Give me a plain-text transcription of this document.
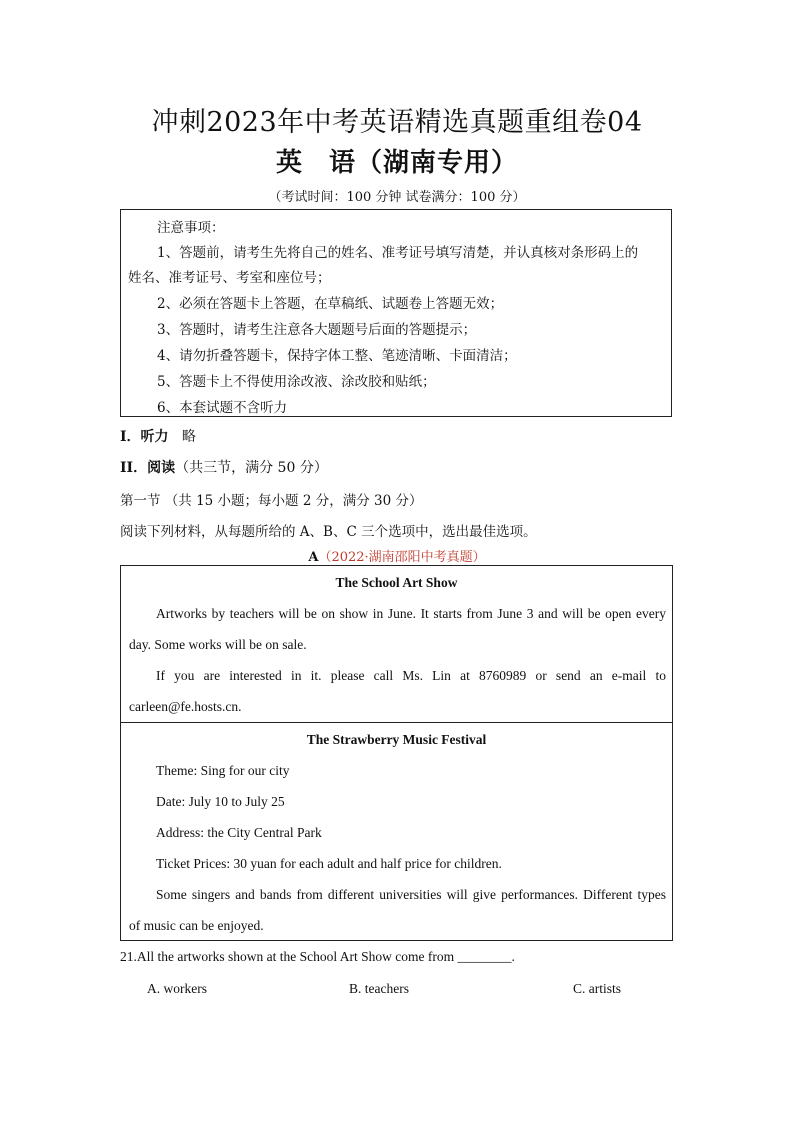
冲刺2023年中考英语精选真题重组卷04
英 语（湖南专用）
（考试时间：100 分钟 试卷满分：100 分）
注意事项：
1、答题前，请考生先将自己的姓名、准考证号填写清楚，并认真核对条形码上的
姓名、准考证号、考室和座位号；
2、必须在答题卡上答题，在草稿纸、试题卷上答题无效；
3、答题时，请考生注意各大题题号后面的答题提示；
4、请勿折叠答题卡，保持字体工整、笔迹清晰、卡面清洁；
5、答题卡上不得使用涂改液、涂改胶和贴纸；
6、本套试题不含听力
I．听力 略
II．阅读（共三节，满分 50 分）
第一节 （共 15 小题；每小题 2 分，满分 30 分）
阅读下列材料，从每题所给的 A、B、C 三个选项中，选出最佳选项。
A（2022·湖南邵阳中考真题）
The School Art Show
Artworks by teachers will be on show in June. It starts from June 3 and will be open every
day. Some works will be on sale.
If you are interested in it. please call Ms. Lin at 8760989 or send an e-mail to
carleen@fe.hosts.cn.
The Strawberry Music Festival
Theme: Sing for our city
Date: July 10 to July 25
Address: the City Central Park
Ticket Prices: 30 yuan for each adult and half price for children.
Some singers and bands from different universities will give performances. Different types
of music can be enjoyed.
21.All the artworks shown at the School Art Show come from ________.
A. workers	B. teachers	C. artists
